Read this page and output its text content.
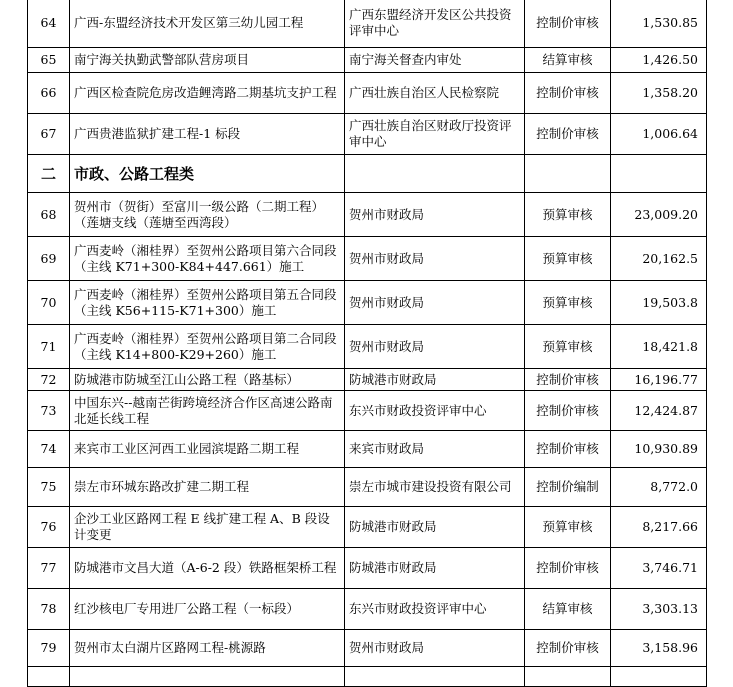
64	广西-东盟经济技术开发区第三幼儿园工程	广西东盟经济开发区公共投资评审中心	控制价审核	1,530.85
65	南宁海关执勤武警部队营房项目	南宁海关督查内审处	结算审核	1,426.50
66	广西区检查院危房改造鲤湾路二期基坑支护工程	广西壮族自治区人民检察院	控制价审核	1,358.20
67	广西贵港监狱扩建工程-1 标段	广西壮族自治区财政厅投资评审中心	控制价审核	1,006.64
二	市政、公路工程类			
68	贺州市（贺街）至富川一级公路（二期工程）（莲塘支线（莲塘至西湾段）	贺州市财政局	预算审核	23,009.20
69	广西麦岭（湘桂界）至贺州公路项目第六合同段（主线 K71+300-K84+447.661）施工	贺州市财政局	预算审核	20,162.5
70	广西麦岭（湘桂界）至贺州公路项目第五合同段（主线 K56+115-K71+300）施工	贺州市财政局	预算审核	19,503.8
71	广西麦岭（湘桂界）至贺州公路项目第二合同段（主线 K14+800-K29+260）施工	贺州市财政局	预算审核	18,421.8
72	防城港市防城至江山公路工程（路基标）	防城港市财政局	控制价审核	16,196.77
73	中国东兴--越南芒街跨境经济合作区高速公路南北延长线工程	东兴市财政投资评审中心	控制价审核	12,424.87
74	来宾市工业区河西工业园滨堤路二期工程	来宾市财政局	控制价审核	10,930.89
75	崇左市环城东路改扩建二期工程	崇左市城市建设投资有限公司	控制价编制	8,772.0
76	企沙工业区路网工程 E 线扩建工程 A、B 段设计变更	防城港市财政局	预算审核	8,217.66
77	防城港市文昌大道（A-6-2 段）铁路框架桥工程	防城港市财政局	控制价审核	3,746.71
78	红沙核电厂专用进厂公路工程（一标段）	东兴市财政投资评审中心	结算审核	3,303.13
79	贺州市太白湖片区路网工程-桃源路	贺州市财政局	控制价审核	3,158.96
